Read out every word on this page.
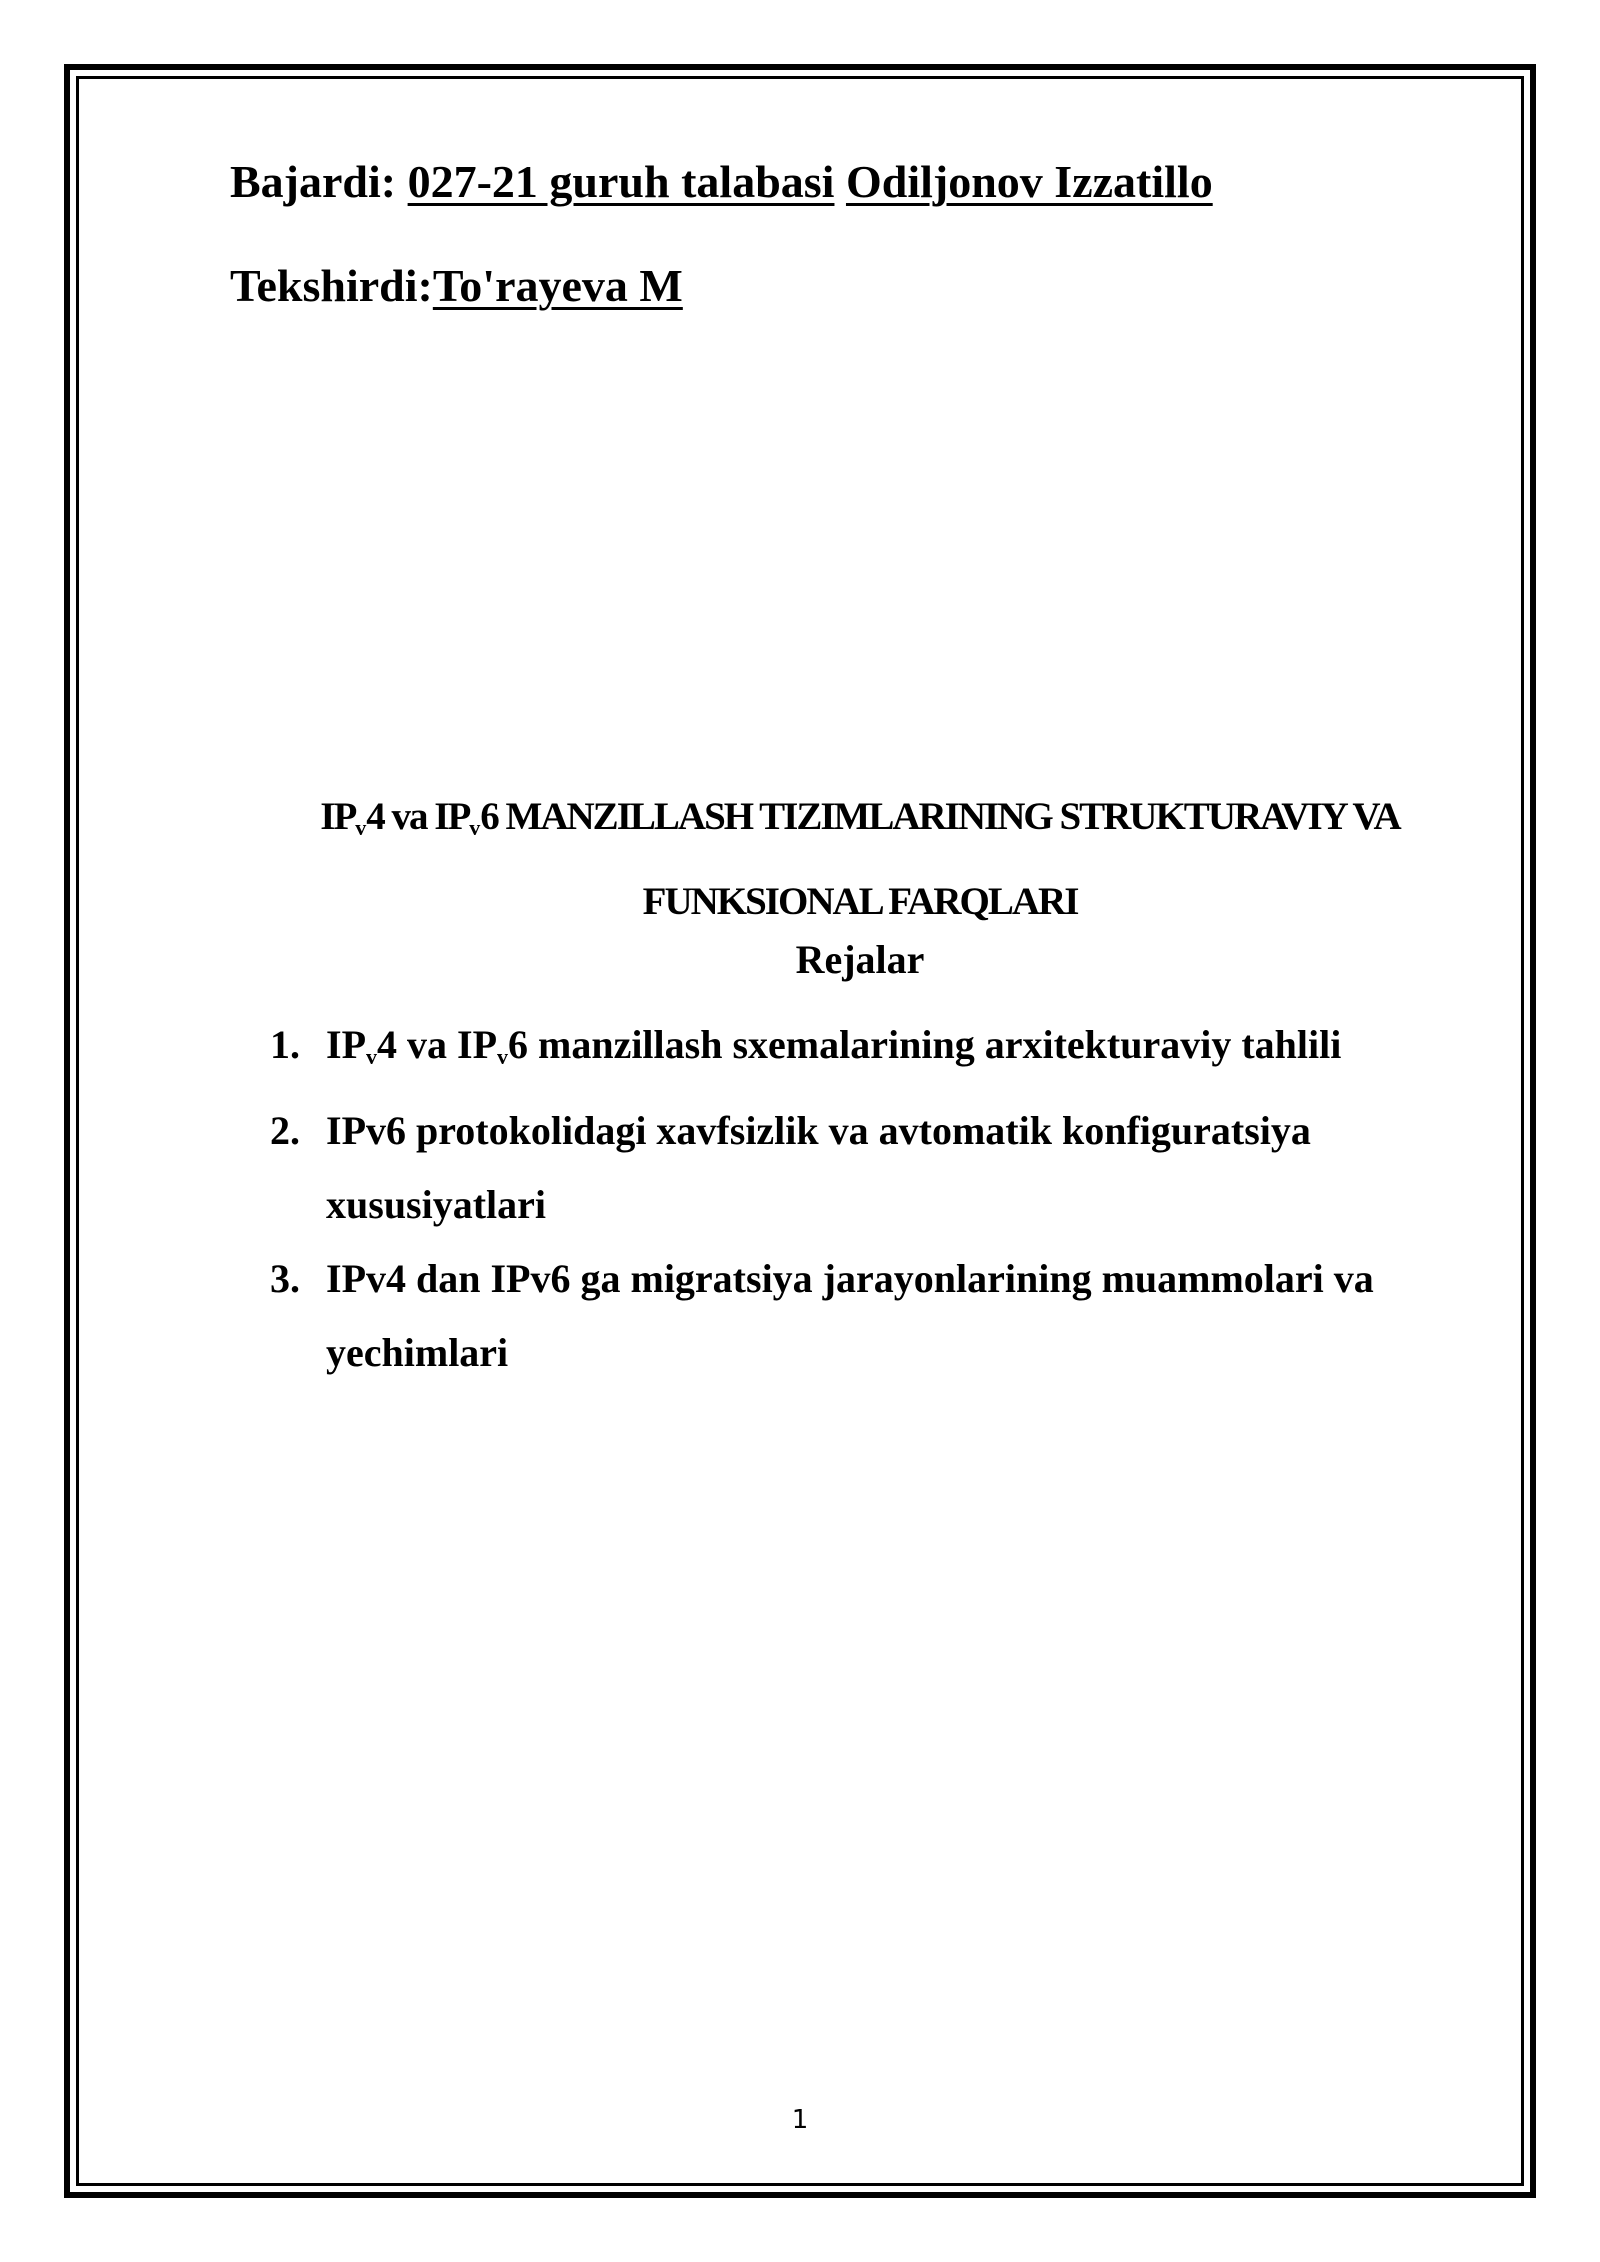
Bajardi: 027-21 guruh talabasi Odiljonov Izzatillo
Tekshirdi:To'rayeva M
$IP_v4$ va $IP_v6$ MANZILLASH TIZIMLARINING STRUKTURAVIY VA
FUNKSIONAL FARQLARI
Rejalar
1. $IP_v4$ va $IP_v6$ manzillash sxemalarining arxitekturaviy tahlili
2. IPv6 protokolidagi xavfsizlik va avtomatik konfiguratsiya xususiyatlari
3. IPv4 dan IPv6 ga migratsiya jarayonlarining muammolari va yechimlari
1
